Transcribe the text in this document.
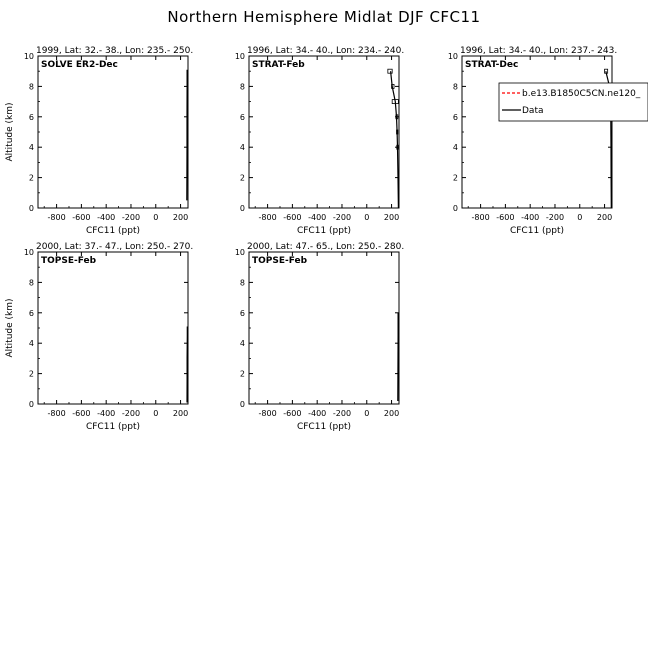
Northern Hemisphere Midlat DJF CFC11
-800 -600 -400 -200 0 200
0
2
4
6
8
10
1999, Lat: 32.- 38., Lon: 235.- 250.
SOLVE ER2-Dec
CFC11 (ppt)
Altitude (km)
-800 -600 -400 -200 0 200
0
2
4
6
8
10
1996, Lat: 34.- 40., Lon: 234.- 240.
STRAT-Feb
CFC11 (ppt)
-800 -600 -400 -200 0 200
0
2
4
6
8
10
1996, Lat: 34.- 40., Lon: 237.- 243.
STRAT-Dec
CFC11 (ppt)
-800 -600 -400 -200 0 200
0
2
4
6
8
10
2000, Lat: 37.- 47., Lon: 250.- 270.
TOPSE-Feb
CFC11 (ppt)
Altitude (km)
-800 -600 -400 -200 0 200
0
2
4
6
8
10
2000, Lat: 47.- 65., Lon: 250.- 280.
TOPSE-Feb
CFC11 (ppt)
b.e13.B1850C5CN.ne120_
Data
